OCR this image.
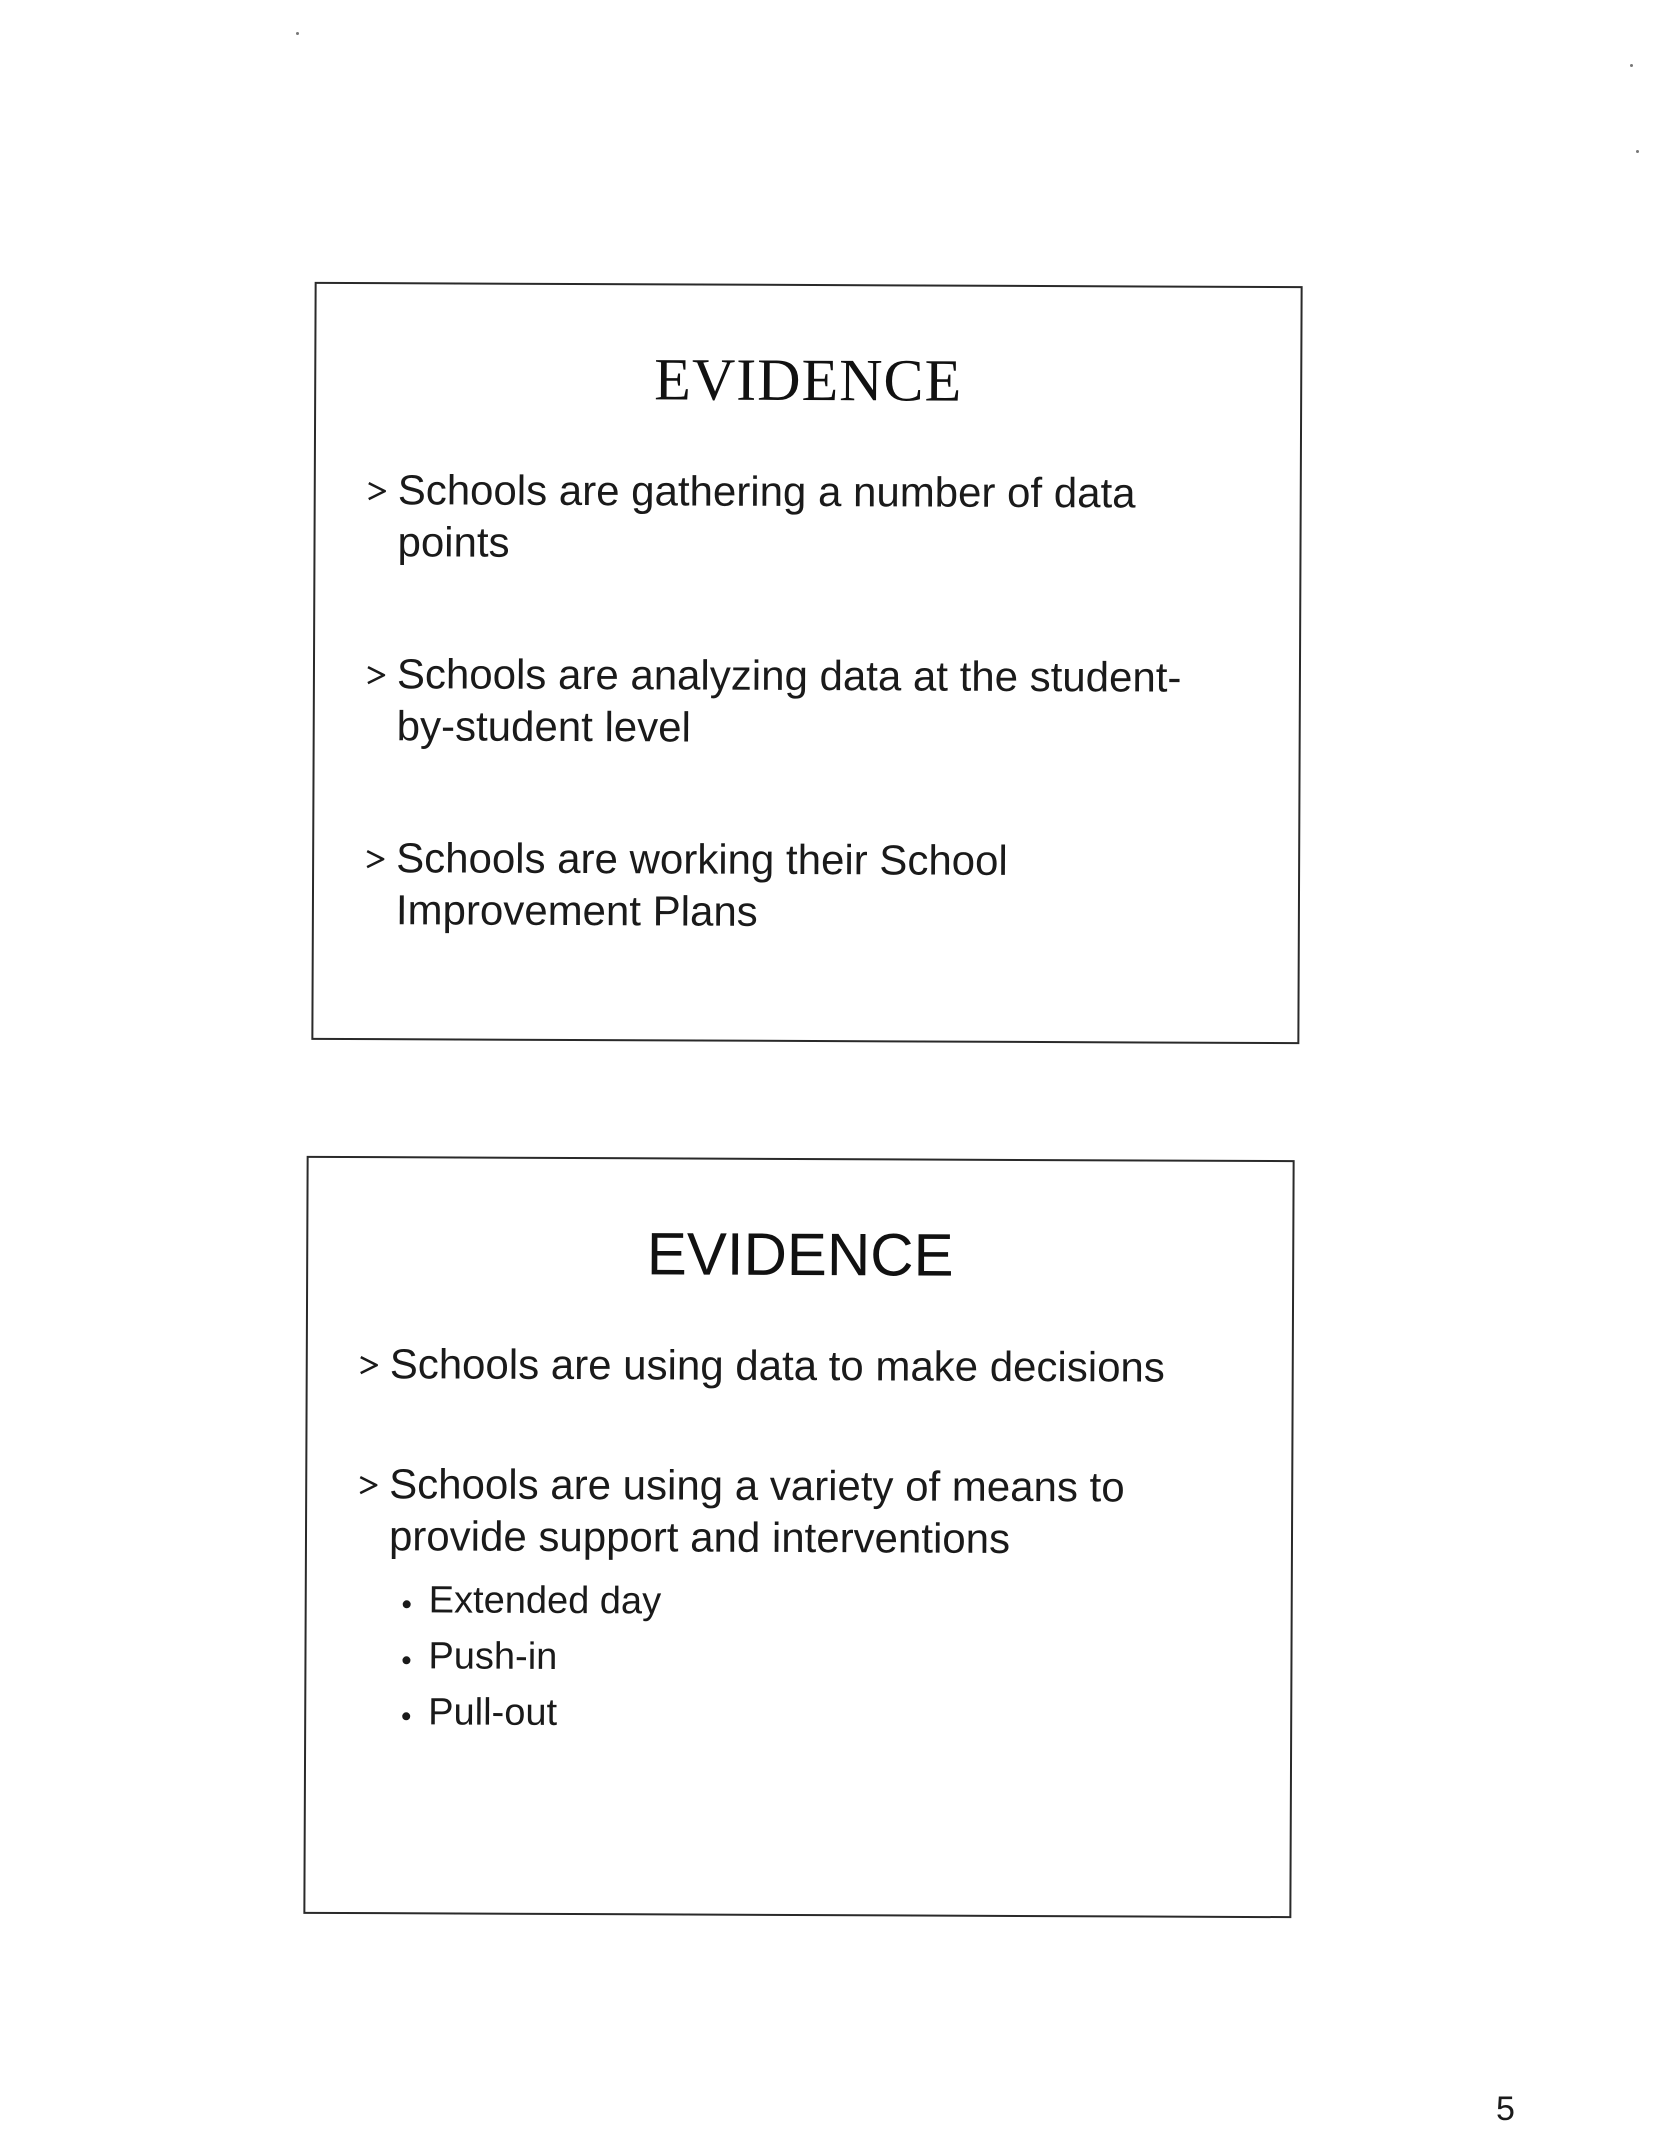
EVIDENCE
Schools are gathering a number of data points
Schools are analyzing data at the student-by-student level
Schools are working their School Improvement Plans
EVIDENCE
Schools are using data to make decisions
Schools are using a variety of means to provide support and interventions
Extended day
Push-in
Pull-out
5
